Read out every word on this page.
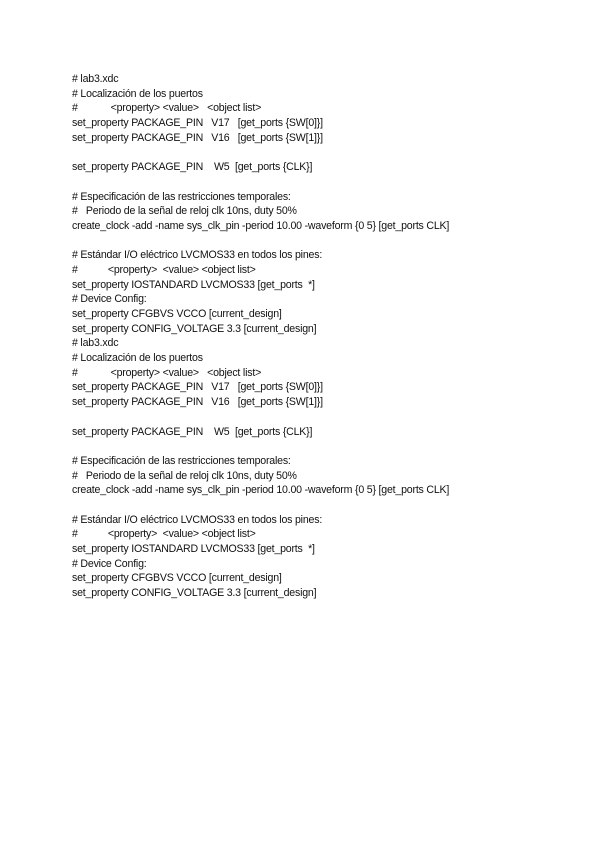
# lab3.xdc
# Localización de los puertos
#            <property> <value>   <object list>
set_property PACKAGE_PIN   V17   [get_ports {SW[0]}]
set_property PACKAGE_PIN   V16   [get_ports {SW[1]}]
set_property PACKAGE_PIN    W5  [get_ports {CLK}]
# Especificación de las restricciones temporales:
#   Periodo de la señal de reloj clk 10ns, duty 50%
create_clock -add -name sys_clk_pin -period 10.00 -waveform {0 5} [get_ports CLK]
# Estándar I/O eléctrico LVCMOS33 en todos los pines:
#           <property>  <value> <object list>
set_property IOSTANDARD LVCMOS33 [get_ports  *]
# Device Config:
set_property CFGBVS VCCO [current_design]
set_property CONFIG_VOLTAGE 3.3 [current_design]
# lab3.xdc
# Localización de los puertos
#            <property> <value>   <object list>
set_property PACKAGE_PIN   V17   [get_ports {SW[0]}]
set_property PACKAGE_PIN   V16   [get_ports {SW[1]}]
set_property PACKAGE_PIN    W5  [get_ports {CLK}]
# Especificación de las restricciones temporales:
#   Periodo de la señal de reloj clk 10ns, duty 50%
create_clock -add -name sys_clk_pin -period 10.00 -waveform {0 5} [get_ports CLK]
# Estándar I/O eléctrico LVCMOS33 en todos los pines:
#           <property>  <value> <object list>
set_property IOSTANDARD LVCMOS33 [get_ports  *]
# Device Config:
set_property CFGBVS VCCO [current_design]
set_property CONFIG_VOLTAGE 3.3 [current_design]
